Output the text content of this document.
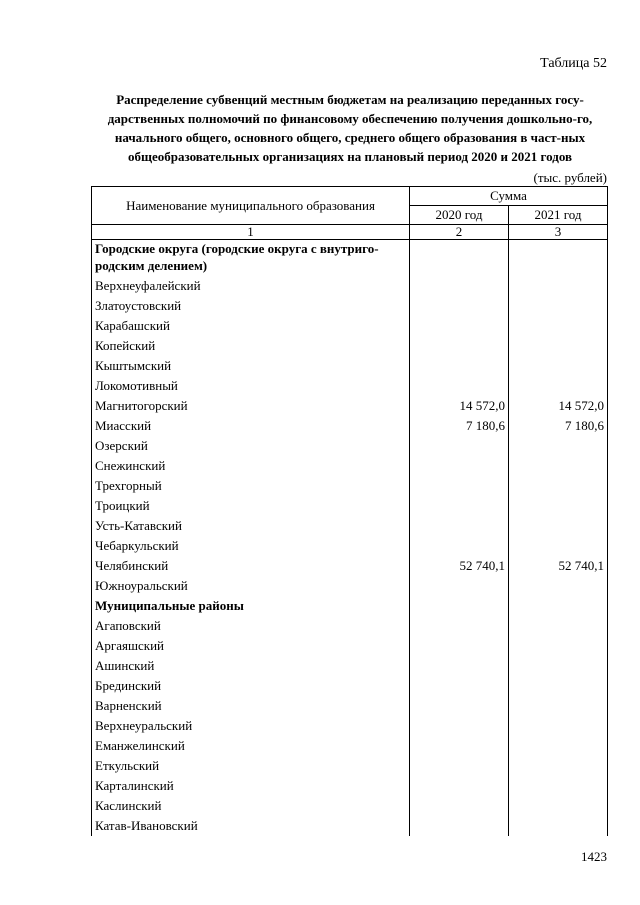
Таблица 52
Распределение субвенций местным бюджетам на реализацию переданных госу-дарственных полномочий по финансовому обеспечению получения дошкольно-го, начального общего, основного общего, среднего общего образования в част-ных общеобразовательных организациях на плановый период 2020 и 2021 годов
(тыс. рублей)
Наименование муниципального образования	Сумма	
	2020 год	2021 год
1	2	3
Городские округа (городские округа с внутриго-родским делением)		
Верхнеуфалейский		
Златоустовский		
Карабашский		
Копейский		
Кыштымский		
Локомотивный		
Магнитогорский	14 572,0	14 572,0
Миасский	7 180,6	7 180,6
Озерский		
Снежинский		
Трехгорный		
Троицкий		
Усть-Катавский		
Чебаркульский		
Челябинский	52 740,1	52 740,1
Южноуральский		
Муниципальные районы		
Агаповский		
Аргаяшский		
Ашинский		
Брединский		
Варненский		
Верхнеуральский		
Еманжелинский		
Еткульский		
Карталинский		
Каслинский		
Катав-Ивановский		
1423
